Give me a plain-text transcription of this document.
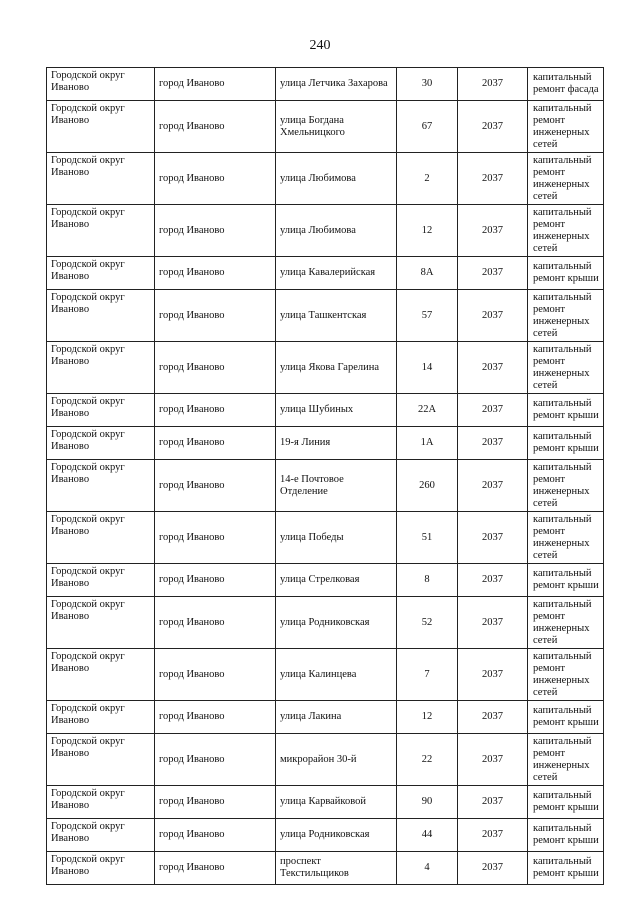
240
Городской округ Иваново	город Иваново	улица Летчика Захарова	30	2037	капитальный ремонт фасада
Городской округ Иваново	город Иваново	улица Богдана Хмельницкого	67	2037	капитальный ремонт инженерных сетей
Городской округ Иваново	город Иваново	улица Любимова	2	2037	капитальный ремонт инженерных сетей
Городской округ Иваново	город Иваново	улица Любимова	12	2037	капитальный ремонт инженерных сетей
Городской округ Иваново	город Иваново	улица Кавалерийская	8А	2037	капитальный ремонт крыши
Городской округ Иваново	город Иваново	улица Ташкентская	57	2037	капитальный ремонт инженерных сетей
Городской округ Иваново	город Иваново	улица Якова Гарелина	14	2037	капитальный ремонт инженерных сетей
Городской округ Иваново	город Иваново	улица Шубиных	22А	2037	капитальный ремонт крыши
Городской округ Иваново	город Иваново	19-я Линия	1А	2037	капитальный ремонт крыши
Городской округ Иваново	город Иваново	14-е Почтовое Отделение	260	2037	капитальный ремонт инженерных сетей
Городской округ Иваново	город Иваново	улица Победы	51	2037	капитальный ремонт инженерных сетей
Городской округ Иваново	город Иваново	улица Стрелковая	8	2037	капитальный ремонт крыши
Городской округ Иваново	город Иваново	улица Родниковская	52	2037	капитальный ремонт инженерных сетей
Городской округ Иваново	город Иваново	улица Калинцева	7	2037	капитальный ремонт инженерных сетей
Городской округ Иваново	город Иваново	улица Лакина	12	2037	капитальный ремонт крыши
Городской округ Иваново	город Иваново	микрорайон 30-й	22	2037	капитальный ремонт инженерных сетей
Городской округ Иваново	город Иваново	улица Карвайковой	90	2037	капитальный ремонт крыши
Городской округ Иваново	город Иваново	улица Родниковская	44	2037	капитальный ремонт крыши
Городской округ Иваново	город Иваново	проспект Текстильщиков	4	2037	капитальный ремонт крыши
